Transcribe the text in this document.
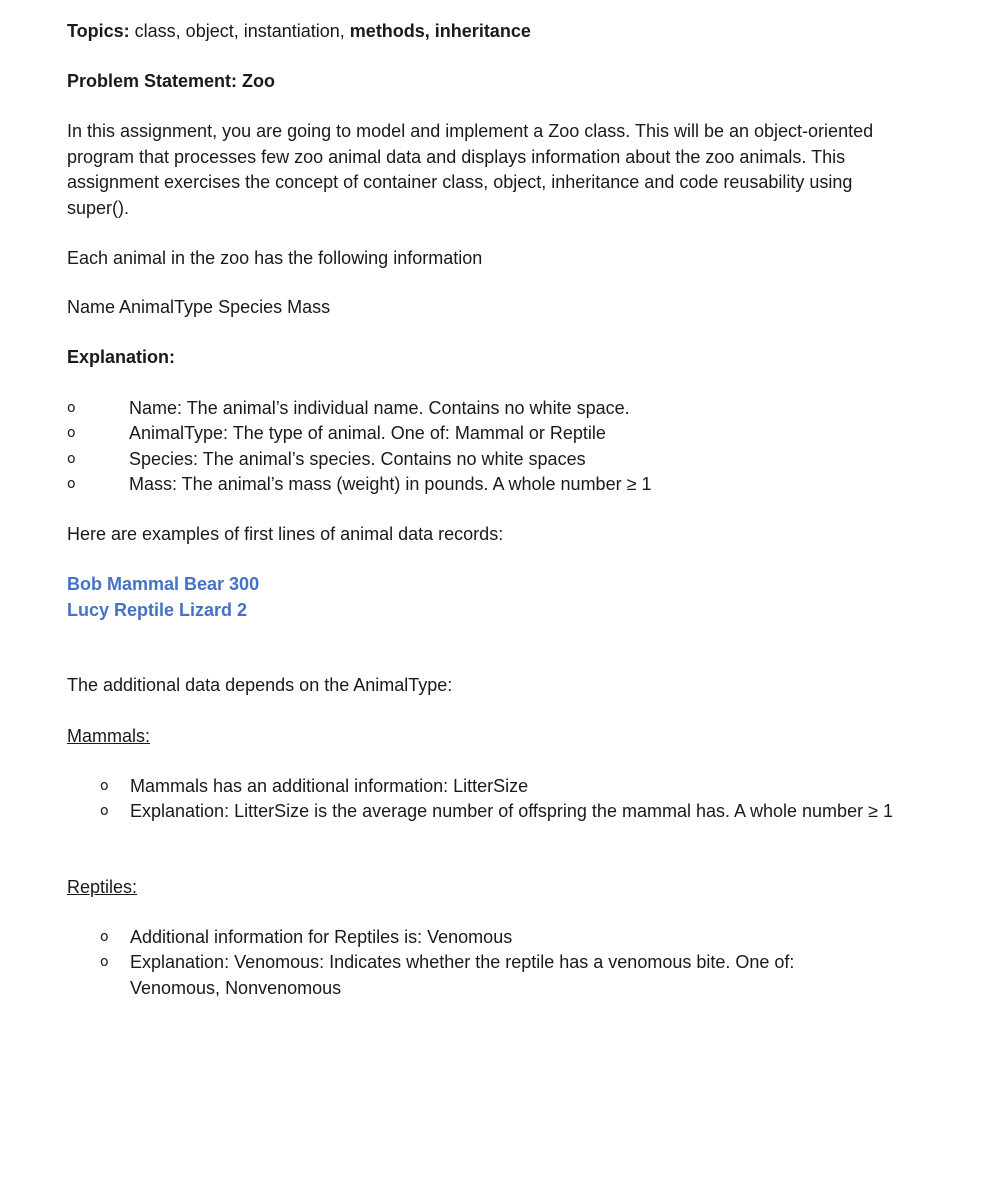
Topics: class, object, instantiation, methods, inheritance
Problem Statement: Zoo
In this assignment, you are going to model and implement a Zoo class. This will be an object-oriented program that processes few zoo animal data and displays information about the zoo animals. This assignment exercises the concept of container class, object, inheritance and code reusability using super().
Each animal in the zoo has the following information
Name AnimalType Species Mass
Explanation:
o	Name: The animal’s individual name. Contains no white space.
o	AnimalType: The type of animal. One of: Mammal or Reptile
o	Species: The animal’s species. Contains no white spaces
o	Mass: The animal’s mass (weight) in pounds. A whole number ≥ 1
Here are examples of first lines of animal data records:
Bob Mammal Bear 300
Lucy Reptile Lizard 2
The additional data depends on the AnimalType:
Mammals:
o Mammals has an additional information: LitterSize
o Explanation: LitterSize is the average number of offspring the mammal has. A whole number ≥ 1
Reptiles:
o Additional information for Reptiles is: Venomous
o Explanation: Venomous: Indicates whether the reptile has a venomous bite. One of: Venomous, Nonvenomous
